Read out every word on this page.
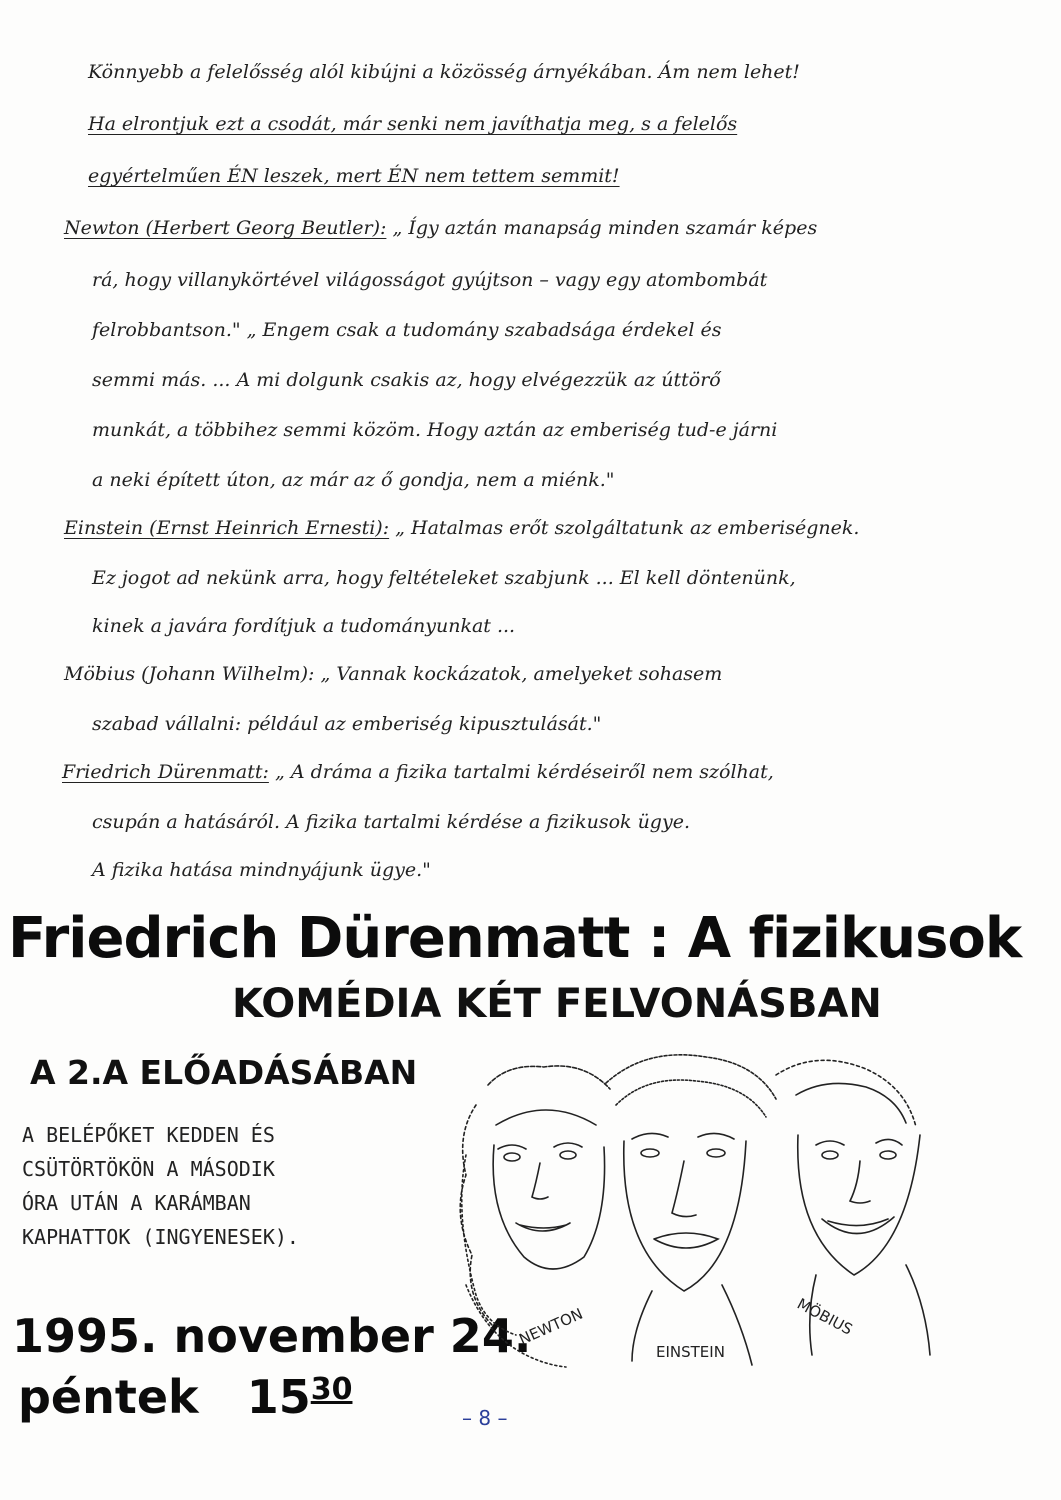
Könnyebb a felelősség alól kibújni a közösség árnyékában. Ám nem lehet!
Ha elrontjuk ezt a csodát, már senki nem javíthatja meg, s a felelős
egyértelműen ÉN leszek, mert ÉN nem tettem semmit!
Newton (Herbert Georg Beutler): „ Így aztán manapság minden szamár képes
rá, hogy villanykörtével világosságot gyújtson – vagy egy atombombát
felrobbantson." „ Engem csak a tudomány szabadsága érdekel és
semmi más. ... A mi dolgunk csakis az, hogy elvégezzük az úttörő
munkát, a többihez semmi közöm. Hogy aztán az emberiség tud-e járni
a neki épített úton, az már az ő gondja, nem a miénk."
Einstein (Ernst Heinrich Ernesti): „ Hatalmas erőt szolgáltatunk az emberiségnek.
Ez jogot ad nekünk arra, hogy feltételeket szabjunk ... El kell döntenünk,
kinek a javára fordítjuk a tudományunkat ...
Möbius (Johann Wilhelm): „ Vannak kockázatok, amelyeket sohasem
szabad vállalni: például az emberiség kipusztulását."
Friedrich Dürenmatt: „ A dráma a fizika tartalmi kérdéseiről nem szólhat,
csupán a hatásáról. A fizika tartalmi kérdése a fizikusok ügye.
A fizika hatása mindnyájunk ügye."
Friedrich Dürenmatt : A fizikusok
KOMÉDIA KÉT FELVONÁSBAN
A 2.A ELŐADÁSÁBAN
A BELÉPŐKET KEDDEN ÉS
CSÜTÖRTÖKÖN A MÁSODIK
ÓRA UTÁN A KARÁMBAN
KAPHATTOK (INGYENESEK).
1995. november 24.
péntek $15^{30}$
NEWTON
EINSTEIN
MÖBIUS
– 8 –
